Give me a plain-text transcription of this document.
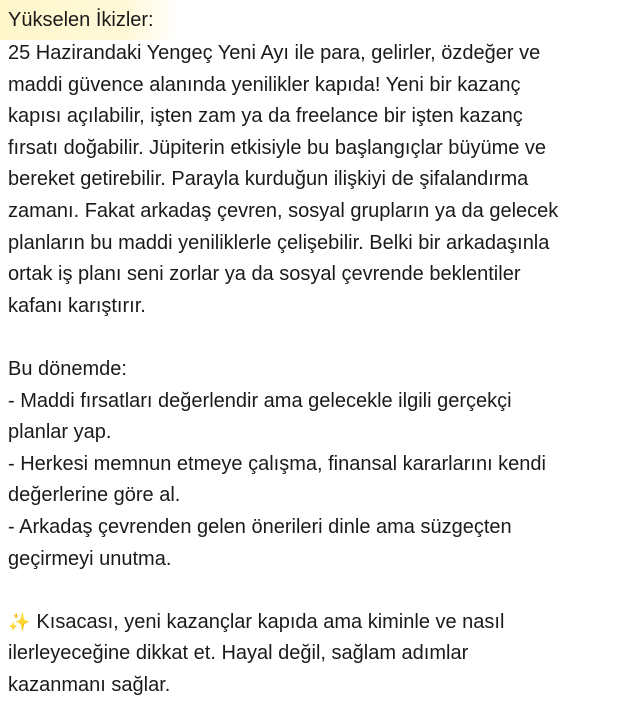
Yükselen İkizler:
25 Hazirandaki Yengeç Yeni Ayı ile para, gelirler, özdeğer ve
maddi güvence alanında yenilikler kapıda! Yeni bir kazanç
kapısı açılabilir, işten zam ya da freelance bir işten kazanç
fırsatı doğabilir. Jüpiterin etkisiyle bu başlangıçlar büyüme ve
bereket getirebilir. Parayla kurduğun ilişkiyi de şifalandırma
zamanı. Fakat arkadaş çevren, sosyal grupların ya da gelecek
planların bu maddi yeniliklerle çelişebilir. Belki bir arkadaşınla
ortak iş planı seni zorlar ya da sosyal çevrende beklentiler
kafanı karıştırır.
Bu dönemde:
- Maddi fırsatları değerlendir ama gelecekle ilgili gerçekçi
planlar yap.
- Herkesi memnun etmeye çalışma, finansal kararlarını kendi
değerlerine göre al.
- Arkadaş çevrenden gelen önerileri dinle ama süzgeçten
geçirmeyi unutma.
✨ Kısacası, yeni kazançlar kapıda ama kiminle ve nasıl
ilerleyeceğine dikkat et. Hayal değil, sağlam adımlar
kazanmanı sağlar.
